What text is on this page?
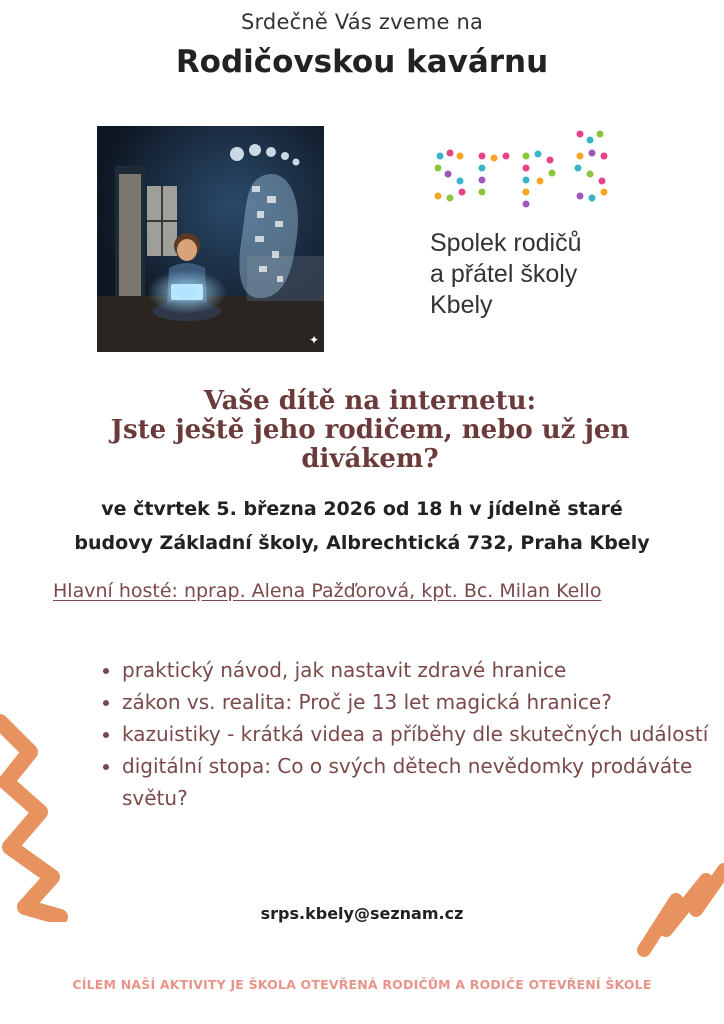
Srdečně Vás zveme na
Rodičovskou kavárnu
✦
Spolek rodičů
a přátel školy
Kbely
Vaše dítě na internetu:
Jste ještě jeho rodičem, nebo už jen
divákem?
ve čtvrtek 5. března 2026 od 18 h v jídelně staré
budovy Základní školy, Albrechtická 732, Praha Kbely
Hlavní hosté: nprap. Alena Pažďorová, kpt. Bc. Milan Kello
• praktický návod, jak nastavit zdravé hranice
• zákon vs. realita: Proč je 13 let magická hranice?
• kazuistiky - krátká videa a příběhy dle skutečných událostí
• digitální stopa: Co o svých dětech nevědomky prodáváte světu?
srps.kbely@seznam.cz
CÍLEM NAŠÍ AKTIVITY JE ŠKOLA OTEVŘENÁ RODIČŮM A RODIČE OTEVŘENÍ ŠKOLE
